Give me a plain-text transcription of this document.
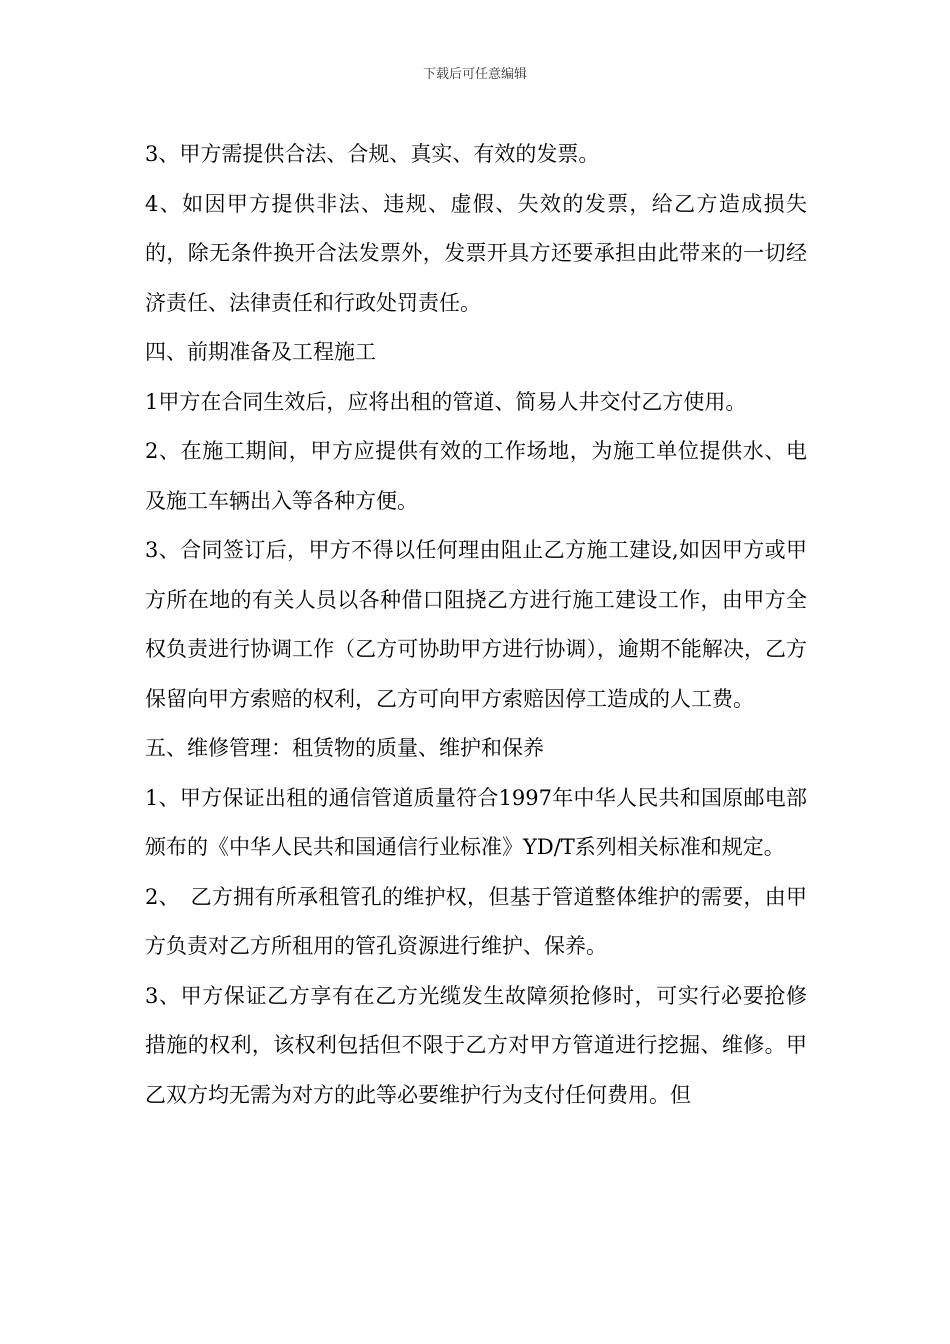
下载后可任意编辑

3、甲方需提供合法、合规、真实、有效的发票。

4、如因甲方提供非法、违规、虚假、失效的发票，给乙方造成损失的，除无条件换开合法发票外，发票开具方还要承担由此带来的一切经济责任、法律责任和行政处罚责任。

四、前期准备及工程施工

1甲方在合同生效后，应将出租的管道、简易人井交付乙方使用。

2、在施工期间，甲方应提供有效的工作场地，为施工单位提供水、电及施工车辆出入等各种方便。

3、合同签订后，甲方不得以任何理由阻止乙方施工建设,如因甲方或甲方所在地的有关人员以各种借口阻挠乙方进行施工建设工作，由甲方全权负责进行协调工作（乙方可协助甲方进行协调），逾期不能解决，乙方保留向甲方索赔的权利，乙方可向甲方索赔因停工造成的人工费。

五、维修管理：租赁物的质量、维护和保养

1、甲方保证出租的通信管道质量符合1997年中华人民共和国原邮电部颁布的《中华人民共和国通信行业标准》YD/T系列相关标准和规定。

2、　乙方拥有所承租管孔的维护权，但基于管道整体维护的需要，由甲方负责对乙方所租用的管孔资源进行维护、保养。

3、甲方保证乙方享有在乙方光缆发生故障须抢修时，可实行必要抢修措施的权利，该权利包括但不限于乙方对甲方管道进行挖掘、维修。甲乙双方均无需为对方的此等必要维护行为支付任何费用。但
